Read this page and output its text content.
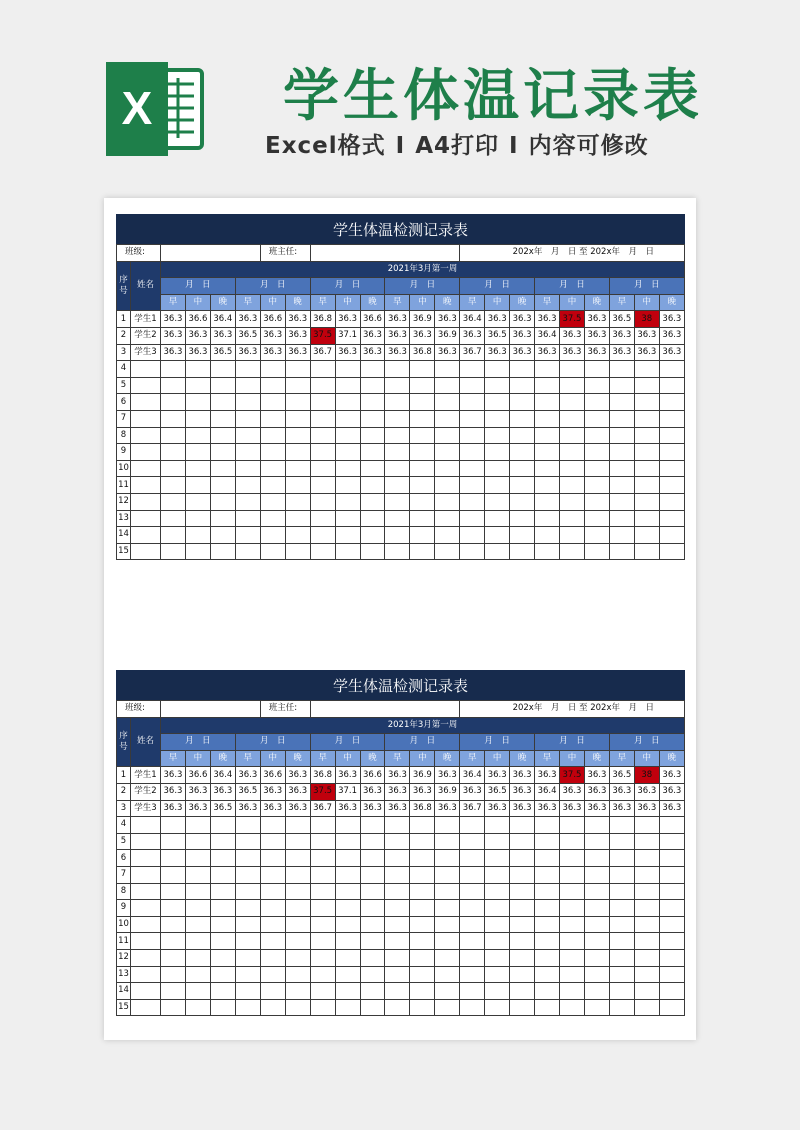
X	学生体温记录表
Excel格式 I A4打印 I 内容可修改
学生体温检测记录表
班级:						班主任:								202x年　月　日 至 202x年　月　日								
序号	姓名	2021年3月第一周																				
		月　日			月　日			月　日			月　日			月　日			月　日			月　日		
		早	中	晚	早	中	晚	早	中	晚	早	中	晚	早	中	晚	早	中	晚	早	中	晚
1	学生1	36.3	36.6	36.4	36.3	36.6	36.3	36.8	36.3	36.6	36.3	36.9	36.3	36.4	36.3	36.3	36.3	37.5	36.3	36.5	38	36.3
2	学生2	36.3	36.3	36.3	36.5	36.3	36.3	37.5	37.1	36.3	36.3	36.3	36.9	36.3	36.5	36.3	36.4	36.3	36.3	36.3	36.3	36.3
3	学生3	36.3	36.3	36.5	36.3	36.3	36.3	36.7	36.3	36.3	36.3	36.8	36.3	36.7	36.3	36.3	36.3	36.3	36.3	36.3	36.3	36.3
4																						
5																						
6																						
7																						
8																						
9																						
10																						
11																						
12																						
13																						
14																						
15																						
学生体温检测记录表
班级:						班主任:								202x年　月　日 至 202x年　月　日								
序号	姓名	2021年3月第一周																				
		月　日			月　日			月　日			月　日			月　日			月　日			月　日		
		早	中	晚	早	中	晚	早	中	晚	早	中	晚	早	中	晚	早	中	晚	早	中	晚
1	学生1	36.3	36.6	36.4	36.3	36.6	36.3	36.8	36.3	36.6	36.3	36.9	36.3	36.4	36.3	36.3	36.3	37.5	36.3	36.5	38	36.3
2	学生2	36.3	36.3	36.3	36.5	36.3	36.3	37.5	37.1	36.3	36.3	36.3	36.9	36.3	36.5	36.3	36.4	36.3	36.3	36.3	36.3	36.3
3	学生3	36.3	36.3	36.5	36.3	36.3	36.3	36.7	36.3	36.3	36.3	36.8	36.3	36.7	36.3	36.3	36.3	36.3	36.3	36.3	36.3	36.3
4																						
5																						
6																						
7																						
8																						
9																						
10																						
11																						
12																						
13																						
14																						
15																						
